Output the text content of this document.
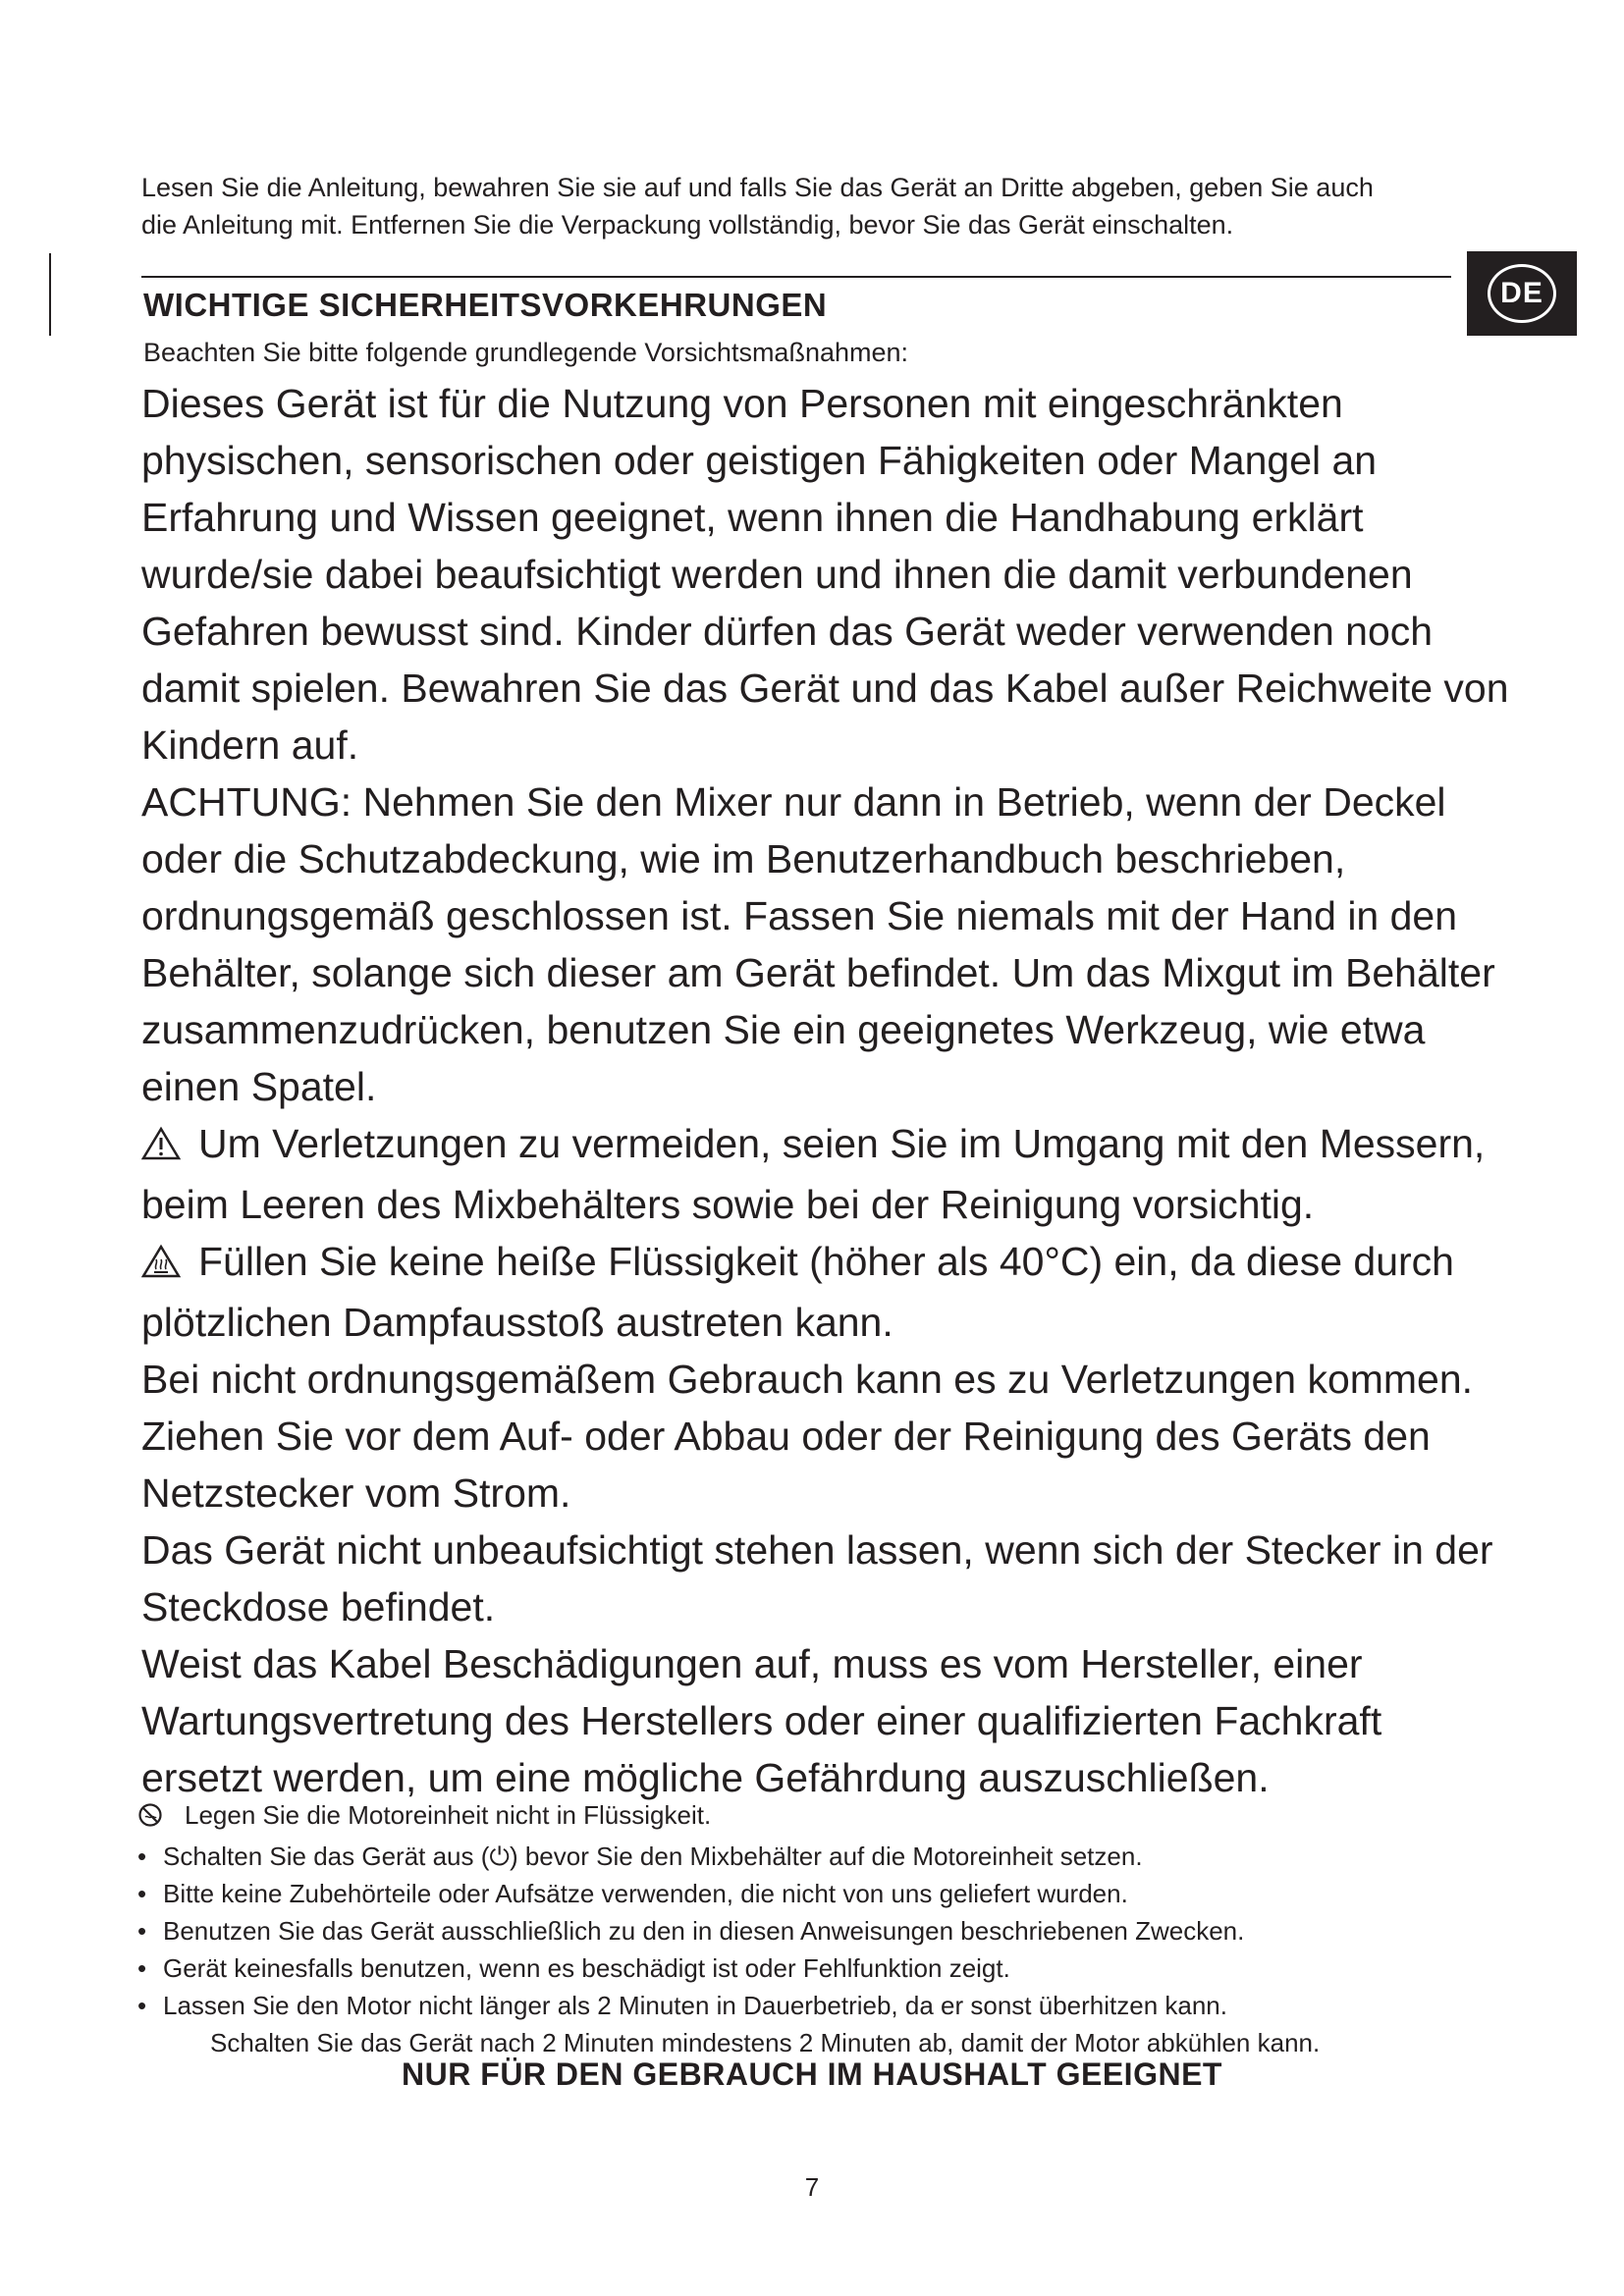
Lesen Sie die Anleitung, bewahren Sie sie auf und falls Sie das Gerät an Dritte abgeben, geben Sie auch

die Anleitung mit. Entfernen Sie die Verpackung vollständig, bevor Sie das Gerät einschalten.

DE
WICHTIGE SICHERHEITSVORKEHRUNGEN
Beachten Sie bitte folgende grundlegende Vorsichtsmaßnahmen:

Dieses Gerät ist für die Nutzung von Personen mit eingeschränkten

physischen, sensorischen oder geistigen Fähigkeiten oder Mangel an

Erfahrung und Wissen geeignet, wenn ihnen die Handhabung erklärt

wurde/sie dabei beaufsichtigt werden und ihnen die damit verbundenen

Gefahren bewusst sind. Kinder dürfen das Gerät weder verwenden noch

damit spielen. Bewahren Sie das Gerät und das Kabel außer Reichweite von

Kindern auf.

ACHTUNG: Nehmen Sie den Mixer nur dann in Betrieb, wenn der Deckel

oder die Schutzabdeckung, wie im Benutzerhandbuch beschrieben,

ordnungsgemäß geschlossen ist. Fassen Sie niemals mit der Hand in den

Behälter, solange sich dieser am Gerät befindet. Um das Mixgut im Behälter

zusammenzudrücken, benutzen Sie ein geeignetes Werkzeug, wie etwa

einen Spatel.

Um Verletzungen zu vermeiden, seien Sie im Umgang mit den Messern,

beim Leeren des Mixbehälters sowie bei der Reinigung vorsichtig.

Füllen Sie keine heiße Flüssigkeit (höher als 40°C) ein, da diese durch

plötzlichen Dampfausstoß austreten kann.

Bei nicht ordnungsgemäßem Gebrauch kann es zu Verletzungen kommen.

Ziehen Sie vor dem Auf- oder Abbau oder der Reinigung des Geräts den

Netzstecker vom Strom.

Das Gerät nicht unbeaufsichtigt stehen lassen, wenn sich der Stecker in der

Steckdose befindet.

Weist das Kabel Beschädigungen auf, muss es vom Hersteller, einer

Wartungsvertretung des Herstellers oder einer qualifizierten Fachkraft

ersetzt werden, um eine mögliche Gefährdung auszuschließen.

Legen Sie die Motoreinheit nicht in Flüssigkeit.

• Schalten Sie das Gerät aus (⏻) bevor Sie den Mixbehälter auf die Motoreinheit setzen.

• Bitte keine Zubehörteile oder Aufsätze verwenden, die nicht von uns geliefert wurden.

• Benutzen Sie das Gerät ausschließlich zu den in diesen Anweisungen beschriebenen Zwecken.

• Gerät keinesfalls benutzen, wenn es beschädigt ist oder Fehlfunktion zeigt.

• Lassen Sie den Motor nicht länger als 2 Minuten in Dauerbetrieb, da er sonst überhitzen kann.

Schalten Sie das Gerät nach 2 Minuten mindestens 2 Minuten ab, damit der Motor abkühlen kann.

NUR FÜR DEN GEBRAUCH IM HAUSHALT GEEIGNET
7
